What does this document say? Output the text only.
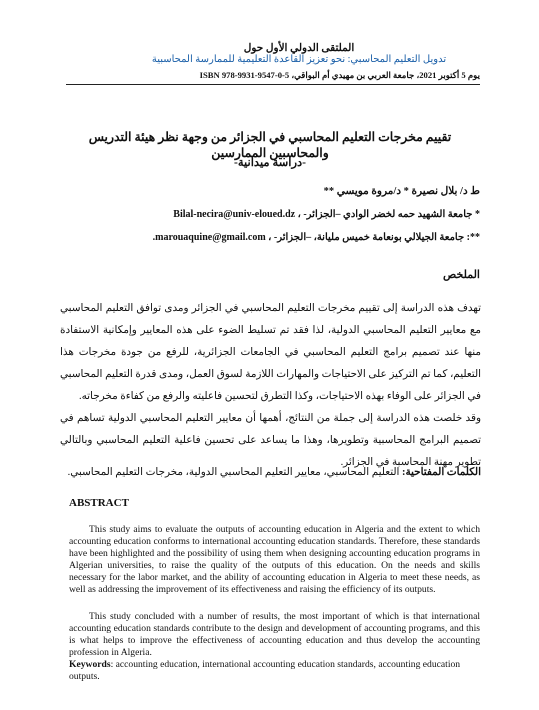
الملتقى الدولي الأول حول
تدويل التعليم المحاسبي: نحو تعزيز القاعدة التعليمية للممارسة المحاسبية
يوم 5 أكتوبر 2021، جامعة العربي بن مهيدي أم البواقي، ISBN 978-9931-9547-0-5
تقييم مخرجات التعليم المحاسبي في الجزائر من وجهة نظر هيئة التدريس والمحاسبين الممارسين
-دراسة ميدانية-
ط د/ بلال نصيرة * د/مروة مويسي **
* جامعة الشهيد حمه لخضر الوادي –الجزائر- ، Bilal-necira@univ-eloued.dz
**: جامعة الجيلالي بونعامة خميس مليانة، –الجزائر- ، marouaquine@gmail.com.
الملخص
تهدف هذه الدراسة إلى تقييم مخرجات التعليم المحاسبي في الجزائر ومدى توافق التعليم المحاسبي مع معايير التعليم المحاسبي الدولية، لذا فقد تم تسليط الضوء على هذه المعايير وإمكانية الاستفادة منها عند تصميم برامج التعليم المحاسبي في الجامعات الجزائرية، للرفع من جودة مخرجات هذا التعليم، كما تم التركيز على الاحتياجات والمهارات اللازمة لسوق العمل، ومدى قدرة التعليم المحاسبي في الجزائر على الوفاء بهذه الاحتياجات، وكذا التطرق لتحسين فاعليته والرفع من كفاءة مخرجاته.
وقد خلصت هذه الدراسة إلى جملة من النتائج، أهمها أن معايير التعليم المحاسبي الدولية تساهم في تصميم البرامج المحاسبية وتطويرها، وهذا ما يساعد على تحسين فاعلية التعليم المحاسبي وبالتالي تطوير مهنة المحاسبة في الجزائر.
الكلمات المفتاحية: التعليم المحاسبي، معايير التعليم المحاسبي الدولية، مخرجات التعليم المحاسبي.
ABSTRACT
This study aims to evaluate the outputs of accounting education in Algeria and the extent to which accounting education conforms to international accounting education standards. Therefore, these standards have been highlighted and the possibility of using them when designing accounting education programs in Algerian universities, to raise the quality of the outputs of this education. On the needs and skills necessary for the labor market, and the ability of accounting education in Algeria to meet these needs, as well as addressing the improvement of its effectiveness and raising the efficiency of its outputs.
This study concluded with a number of results, the most important of which is that international accounting education standards contribute to the design and development of accounting programs, and this is what helps to improve the effectiveness of accounting education and thus develop the accounting profession in Algeria.
Keywords: accounting education, international accounting education standards, accounting education outputs.
